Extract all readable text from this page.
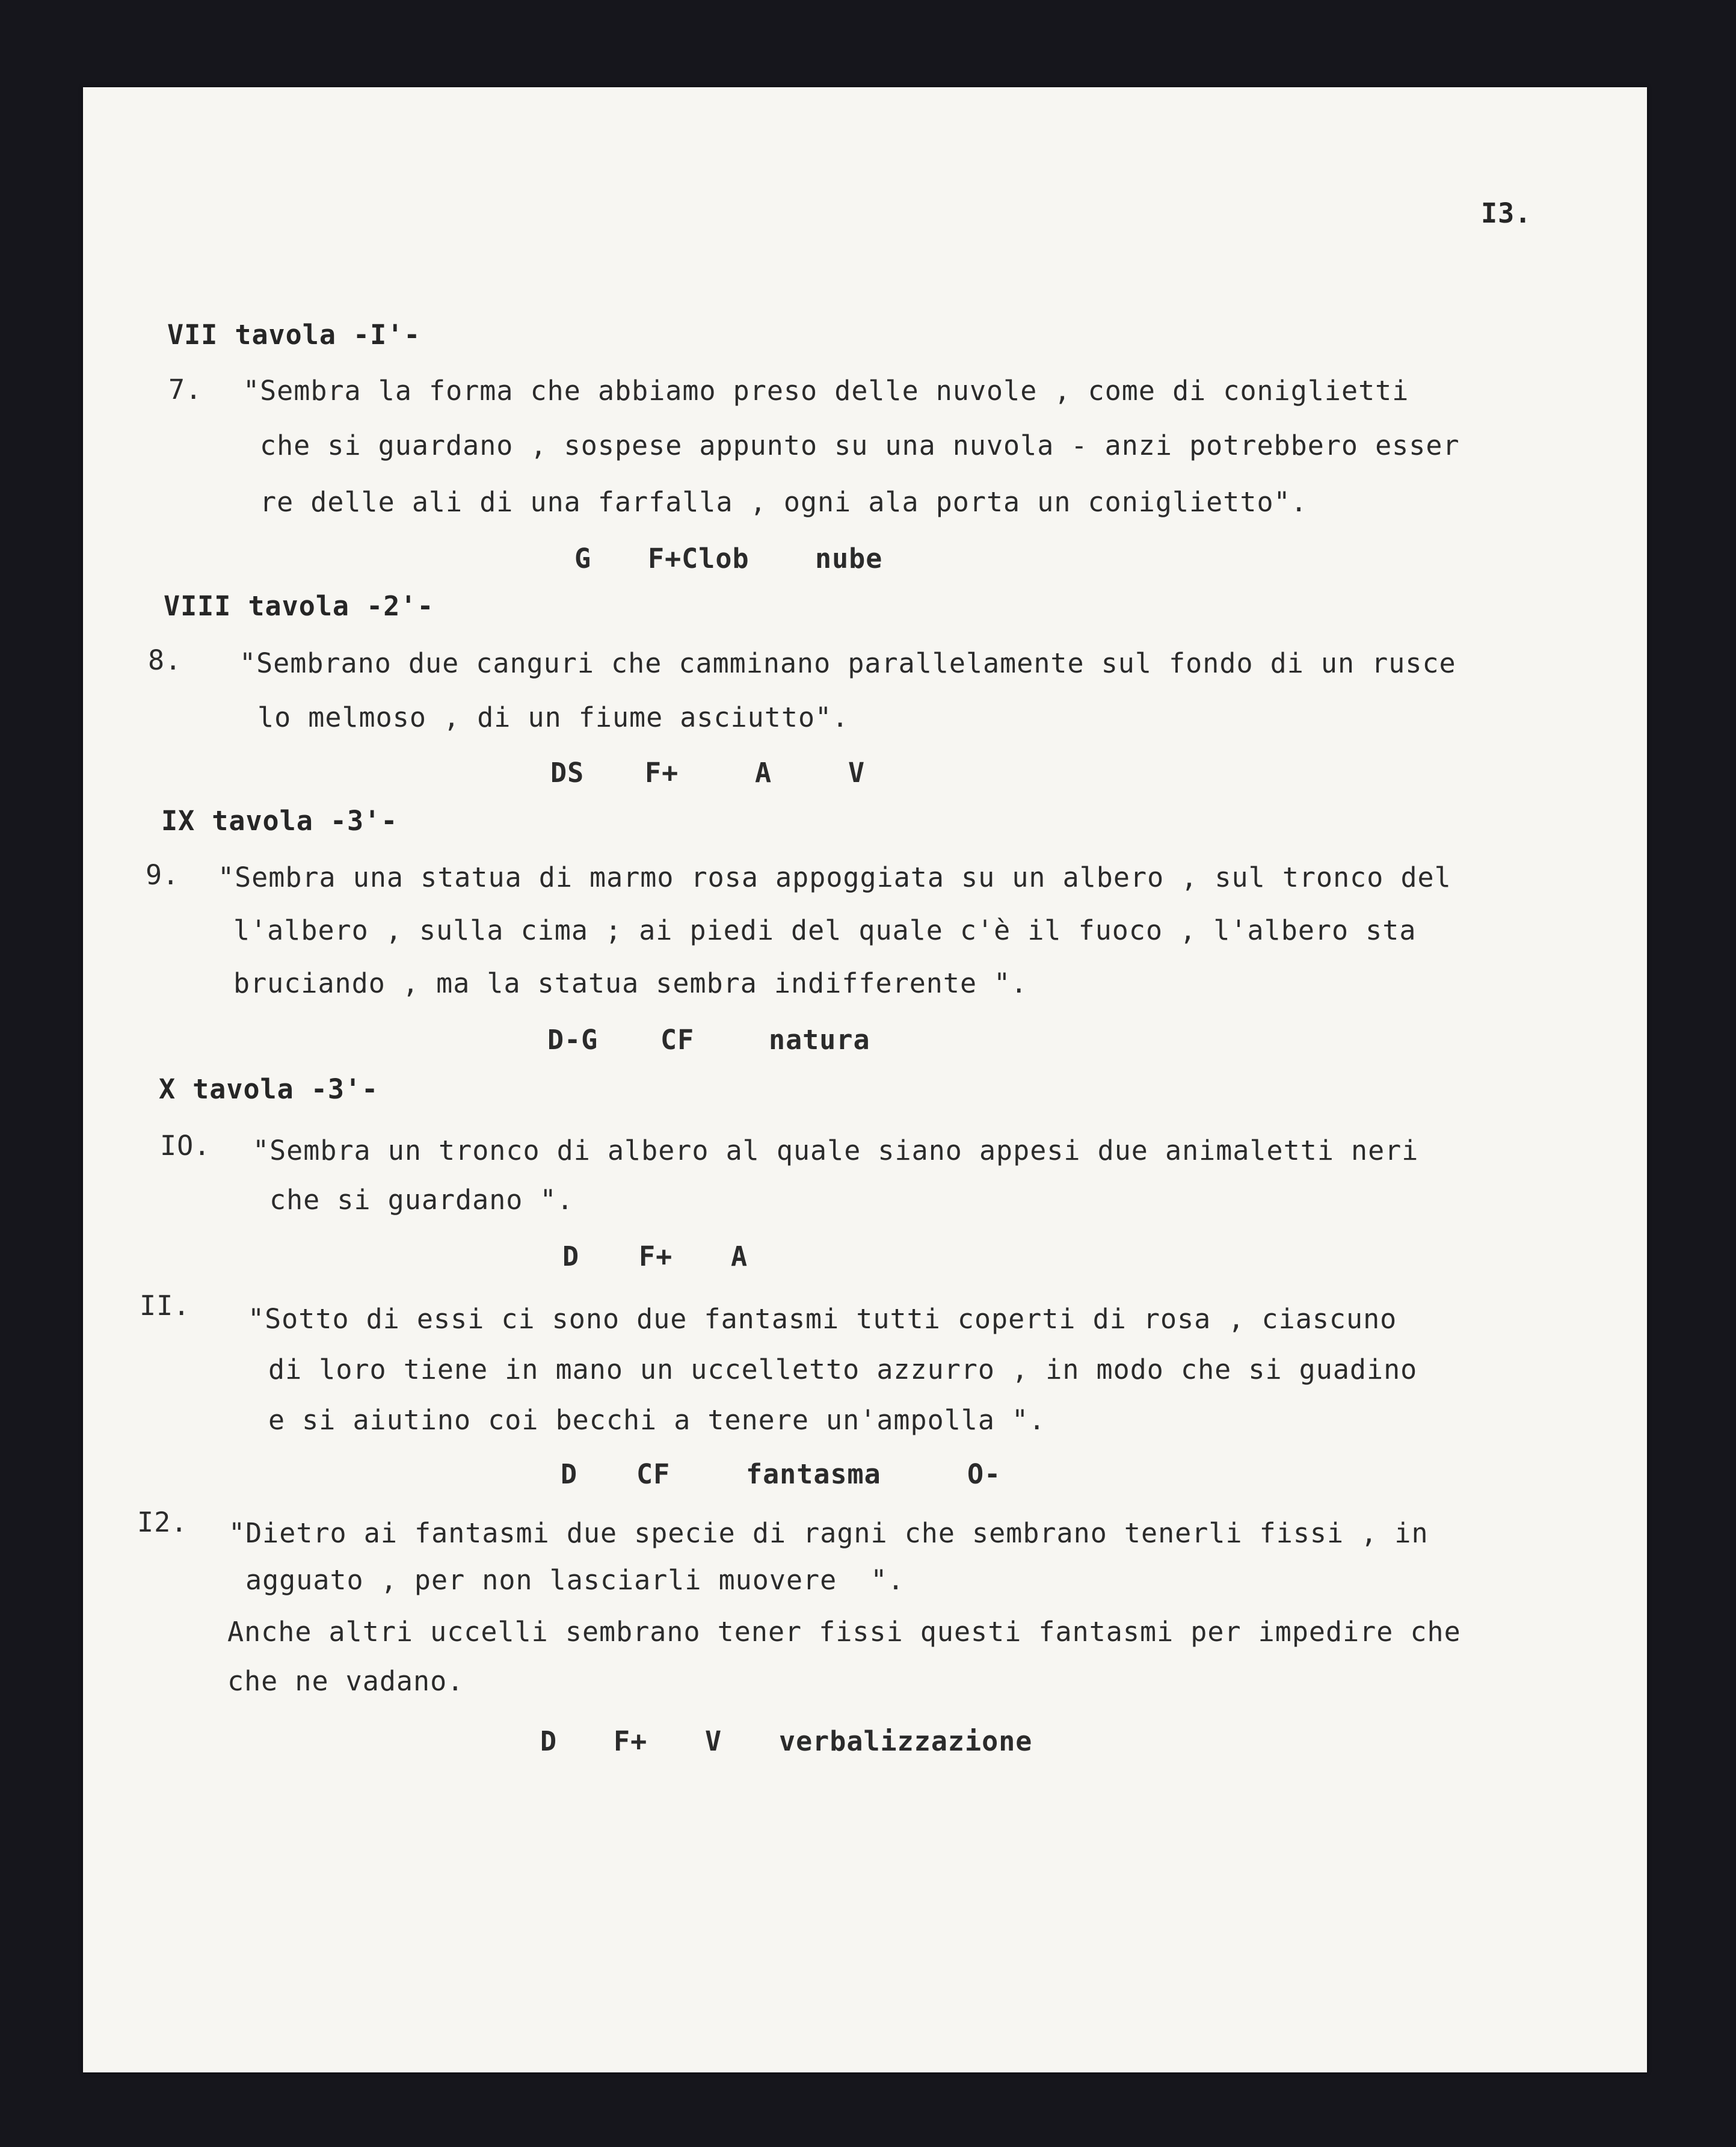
I3.
VII tavola -I'-
7. "Sembra la forma che abbiamo preso delle nuvole , come di coniglietti
che si guardano , sospese appunto su una nuvola - anzi potrebbero esser
re delle ali di una farfalla , ogni ala porta un coniglietto".

G

F+Clob

nube

VIII tavola -2'-
8. "Sembrano due canguri che camminano parallelamente sul fondo di un rusce
lo melmoso , di un fiume asciutto".

DS

F+

	A

	V

IX tavola -3'-
9. "Sembra una statua di marmo rosa appoggiata su un albero , sul tronco del
l'albero , sulla cima ; ai piedi del quale c'è il fuoco , l'albero sta
bruciando , ma la statua sembra indifferente ".

D-G

CF

	natura

X tavola -3'-
IO. "Sembra un tronco di albero al quale siano appesi due animaletti neri
che si guardano ".

D

F+

A

II. "Sotto di essi ci sono due fantasmi tutti coperti di rosa , ciascuno
di loro tiene in mano un uccelletto azzurro , in modo che si guadino
e si aiutino coi becchi a tenere un'ampolla ".

D

CF

	fantasma

	O-

I2. "Dietro ai fantasmi due specie di ragni che sembrano tenerli fissi , in
agguato , per non lasciarli muovere  ".
Anche altri uccelli sembrano tener fissi questi fantasmi per impedire che
che ne vadano.

D

F+

V

verbalizzazione
